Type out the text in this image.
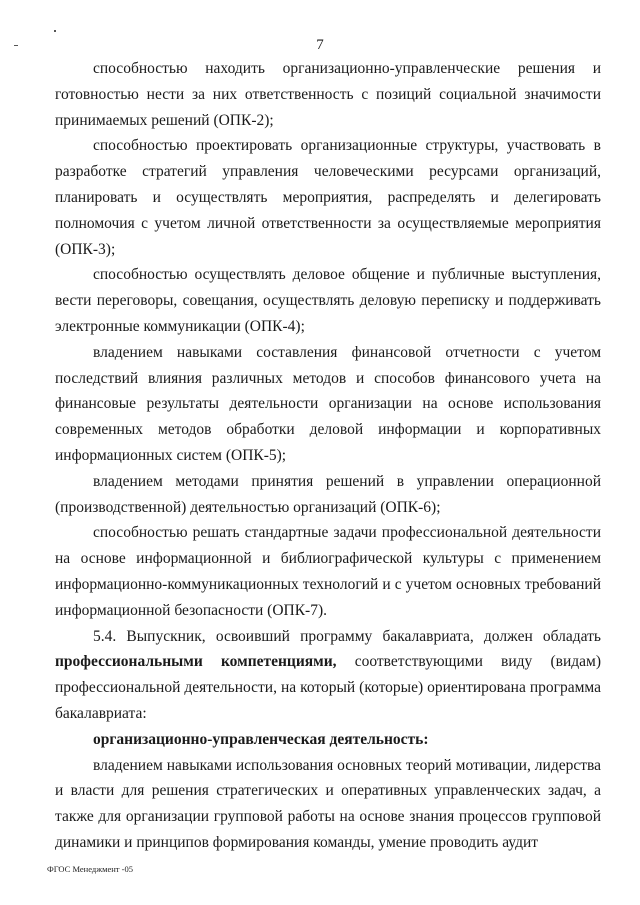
7

способностью находить организационно-управленческие решения и готовностью нести за них ответственность с позиций социальной значимости принимаемых решений (ОПК-2);

способностью проектировать организационные структуры, участвовать в разработке стратегий управления человеческими ресурсами организаций, планировать и осуществлять мероприятия, распределять и делегировать полномочия с учетом личной ответственности за осуществляемые мероприятия (ОПК-3);

способностью осуществлять деловое общение и публичные выступления, вести переговоры, совещания, осуществлять деловую переписку и поддерживать электронные коммуникации (ОПК-4);

владением навыками составления финансовой отчетности с учетом последствий влияния различных методов и способов финансового учета на финансовые результаты деятельности организации на основе использования современных методов обработки деловой информации и корпоративных информационных систем (ОПК-5);

владением методами принятия решений в управлении операционной (производственной) деятельностью организаций (ОПК-6);

способностью решать стандартные задачи профессиональной деятельности на основе информационной и библиографической культуры с применением информационно-коммуникационных технологий и с учетом основных требований информационной безопасности (ОПК-7).

5.4. Выпускник, освоивший программу бакалавриата, должен обладать профессиональными компетенциями, соответствующими виду (видам) профессиональной деятельности, на который (которые) ориентирована программа бакалавриата:

организационно-управленческая деятельность:

владением навыками использования основных теорий мотивации, лидерства и власти для решения стратегических и оперативных управленческих задач, а также для организации групповой работы на основе знания процессов групповой динамики и принципов формирования команды, умение проводить аудит

ФГОС Менеджмент -05
